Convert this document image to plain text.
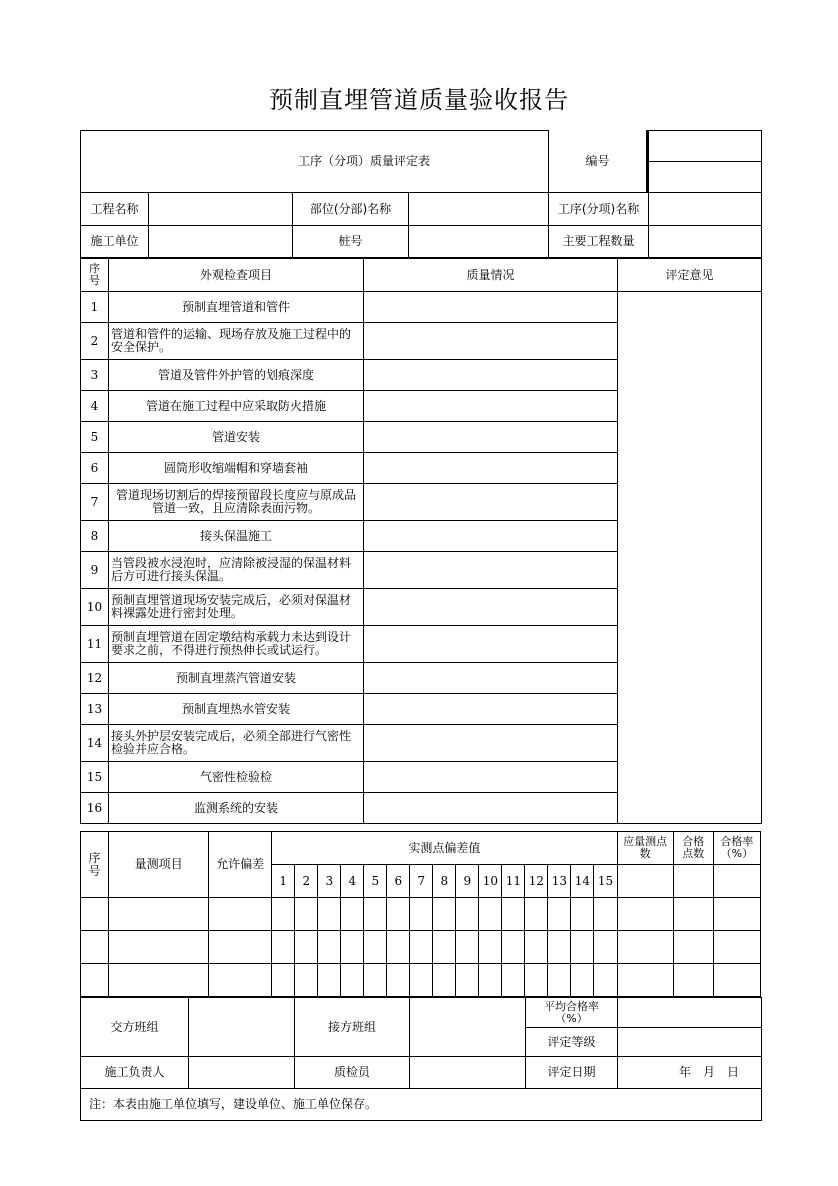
预制直埋管道质量验收报告
工序（分项）质量评定表					

工程名称		部位(分部)名称		工序(分项)名称	
施工单位		桩号		主要工程数量	
编号
序号	外观检查项目	质量情况	评定意见
1	预制直埋管道和管件		
2	管道和管件的运输、现场存放及施工过程中的安全保护。		
3	管道及管件外护管的划痕深度		
4	管道在施工过程中应采取防火措施		
5	管道安装		
6	圆筒形收缩端帽和穿墙套袖		
7	管道现场切割后的焊接预留段长度应与原成品管道一致，且应清除表面污物。		
8	接头保温施工		
9	当管段被水浸泡时，应清除被浸湿的保温材料后方可进行接头保温。		
10	预制直埋管道现场安装完成后，必须对保温材料裸露处进行密封处理。		
11	预制直埋管道在固定墩结构承载力未达到设计要求之前，不得进行预热伸长或试运行。		
12	预制直埋蒸汽管道安装		
13	预制直埋热水管安装		
14	接头外护层安装完成后，必须全部进行气密性检验并应合格。		
15	气密性检验检		
16	监测系统的安装		
序号	量测项目	允许偏差	实测点偏差值															应量测点数	合格点数	合格率（%）
			1	2	3	4	5	6	7	8	9	10	11	12	13	14	15			

交方班组		接方班组		平均合格率（%）	
				评定等级	
施工负责人		质检员		评定日期	年　月　日
注：本表由施工单位填写，建设单位、施工单位保存。					
